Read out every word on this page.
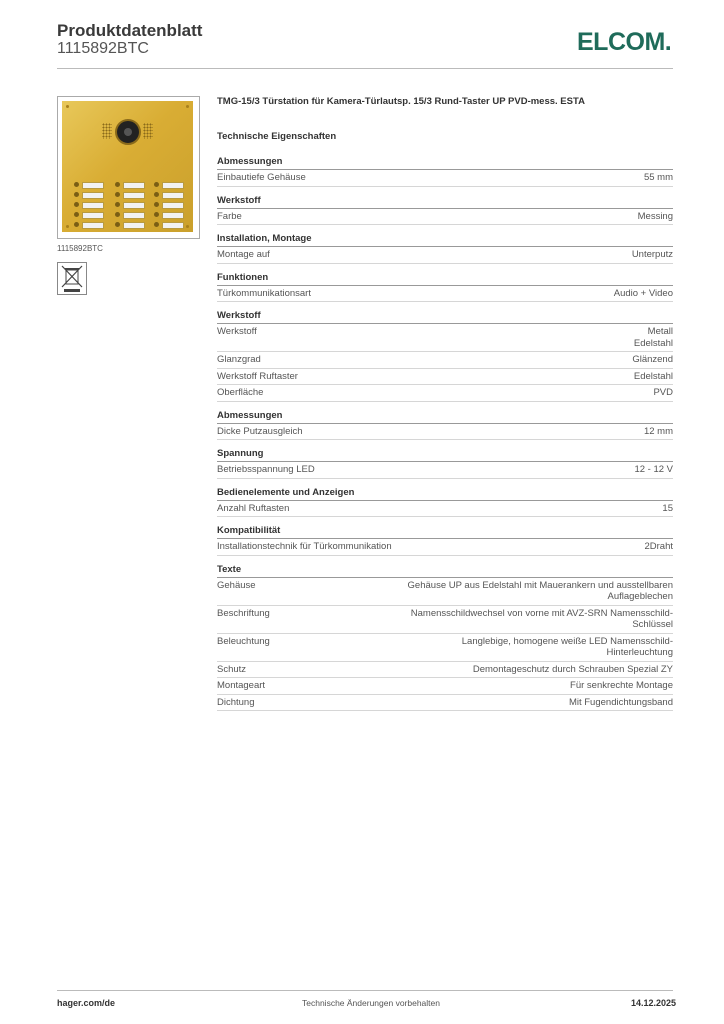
Produktdatenblatt
1115892BTC	ELCOM.
1115892BTC
TMG-15/3 Türstation für Kamera-Türlautsp. 15/3 Rund-Taster UP PVD-mess. ESTA
Technische Eigenschaften
Abmessungen
Einbautiefe Gehäuse	55 mm
Werkstoff
Farbe	Messing
Installation, Montage
Montage auf	Unterputz
Funktionen
Türkommunikationsart	Audio + Video
Werkstoff
Werkstoff	Metall
Edelstahl
Glanzgrad	Glänzend
Werkstoff Ruftaster	Edelstahl
Oberfläche	PVD
Abmessungen
Dicke Putzausgleich	12 mm
Spannung
Betriebsspannung LED	12 - 12 V
Bedienelemente und Anzeigen
Anzahl Ruftasten	15
Kompatibilität
Installationstechnik für Türkommunikation	2Draht
Texte
Gehäuse	Gehäuse UP aus Edelstahl mit Mauerankern und ausstellbaren
Auflageblechen
Beschriftung	Namensschildwechsel von vorne mit AVZ-SRN Namensschild-
Schlüssel
Beleuchtung	Langlebige, homogene weiße LED Namensschild-
Hinterleuchtung
Schutz	Demontageschutz durch Schrauben Spezial ZY
Montageart	Für senkrechte Montage
Dichtung	Mit Fugendichtungsband
hager.com/de	Technische Änderungen vorbehalten	14.12.2025
